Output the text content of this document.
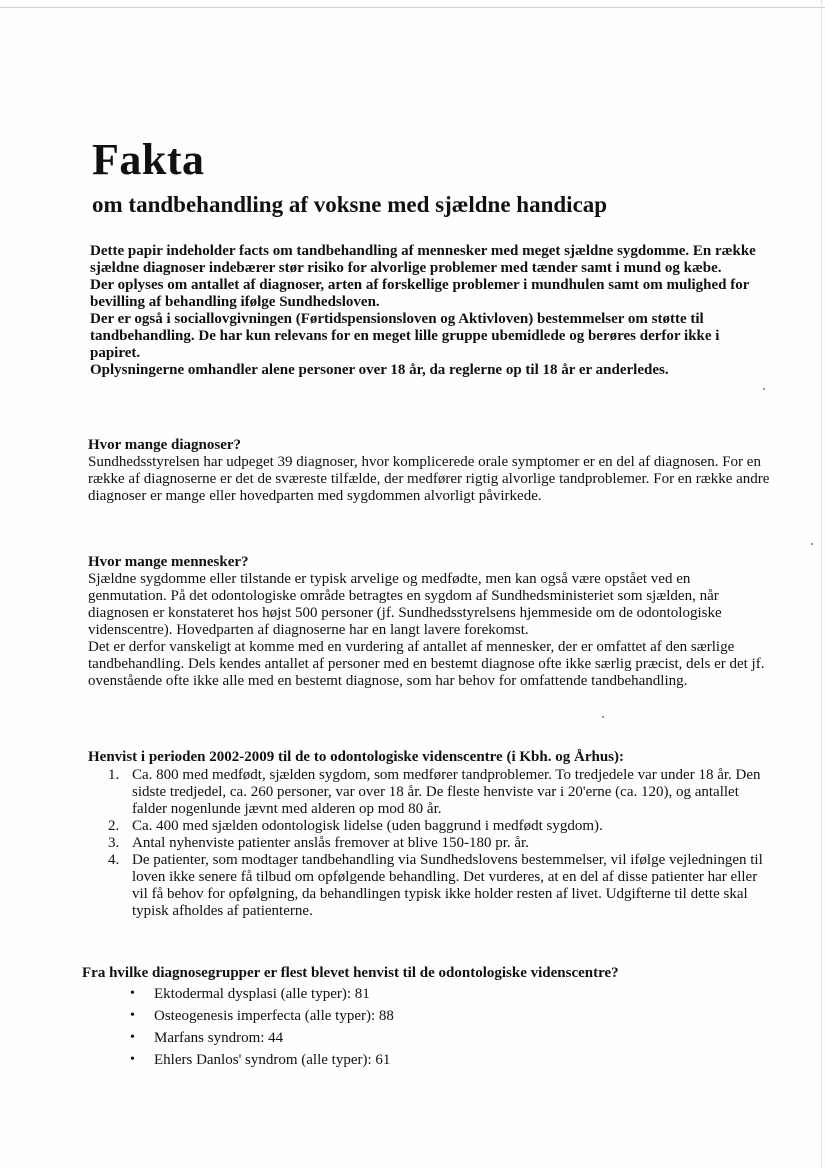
Fakta
om tandbehandling af voksne med sjældne handicap

Dette papir indeholder facts om tandbehandling af mennesker med meget sjældne sygdomme. En række sjældne diagnoser indebærer stør risiko for alvorlige problemer med tænder samt i mund og kæbe.

Der oplyses om antallet af diagnoser, arten af forskellige problemer i mundhulen samt om mulighed for bevilling af behandling ifølge Sundhedsloven.

Der er også i sociallovgivningen (Førtidspensionsloven og Aktivloven) bestemmelser om støtte til tandbehandling. De har kun relevans for en meget lille gruppe ubemidlede og berøres derfor ikke i papiret.

Oplysningerne omhandler alene personer over 18 år, da reglerne op til 18 år er anderledes.

Hvor mange diagnoser?

Sundhedsstyrelsen har udpeget 39 diagnoser, hvor komplicerede orale symptomer er en del af diagnosen. For en række af diagnoserne er det de sværeste tilfælde, der medfører rigtig alvorlige tandproblemer. For en række andre diagnoser er mange eller hovedparten med sygdommen alvorligt påvirkede.

Hvor mange mennesker?

Sjældne sygdomme eller tilstande er typisk arvelige og medfødte, men kan også være opstået ved en genmutation. På det odontologiske område betragtes en sygdom af Sundhedsministeriet som sjælden, når diagnosen er konstateret hos højst 500 personer (jf. Sundhedsstyrelsens hjemmeside om de odontologiske videnscentre). Hovedparten af diagnoserne har en langt lavere forekomst.

Det er derfor vanskeligt at komme med en vurdering af antallet af mennesker, der er omfattet af den særlige tandbehandling. Dels kendes antallet af personer med en bestemt diagnose ofte ikke særlig præcist, dels er det jf. ovenstående ofte ikke alle med en bestemt diagnose, som har behov for omfattende tandbehandling.

Henvist i perioden 2002-2009 til de to odontologiske videnscentre (i Kbh. og Århus):
1. Ca. 800 med medfødt, sjælden sygdom, som medfører tandproblemer. To tredjedele var under 18 år. Den sidste tredjedel, ca. 260 personer, var over 18 år. De fleste henviste var i 20'erne (ca. 120), og antallet falder nogenlunde jævnt med alderen op mod 80 år.
2. Ca. 400 med sjælden odontologisk lidelse (uden baggrund i medfødt sygdom).
3. Antal nyhenviste patienter anslås fremover at blive 150-180 pr. år.
4. De patienter, som modtager tandbehandling via Sundhedslovens bestemmelser, vil ifølge vejledningen til loven ikke senere få tilbud om opfølgende behandling. Det vurderes, at en del af disse patienter har eller vil få behov for opfølgning, da behandlingen typisk ikke holder resten af livet. Udgifterne til dette skal typisk afholdes af patienterne.
Fra hvilke diagnosegrupper er flest blevet henvist til de odontologiske videnscentre?
• Ektodermal dysplasi (alle typer): 81
• Osteogenesis imperfecta (alle typer): 88
• Marfans syndrom: 44
• Ehlers Danlos' syndrom (alle typer): 61
